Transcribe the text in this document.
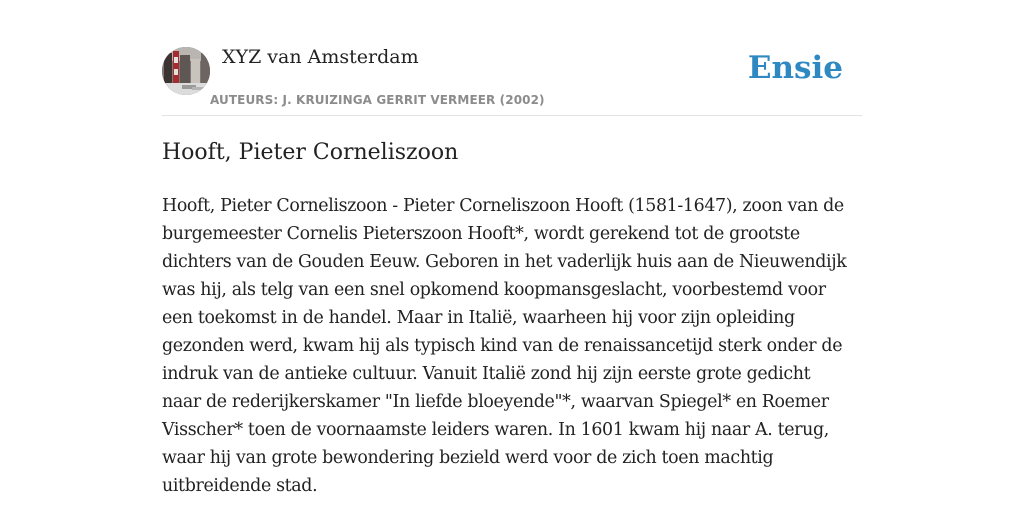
XYZ van Amsterdam
AUTEURS: J. KRUIZINGA GERRIT VERMEER (2002)
Ensie
Hooft, Pieter Corneliszoon
Hooft, Pieter Corneliszoon - Pieter Corneliszoon Hooft (1581-1647), zoon van de
burgemeester Cornelis Pieterszoon Hooft*, wordt gerekend tot de grootste
dichters van de Gouden Eeuw. Geboren in het vaderlijk huis aan de Nieuwendijk
was hij, als telg van een snel opkomend koopmansgeslacht, voorbestemd voor
een toekomst in de handel. Maar in Italië, waarheen hij voor zijn opleiding
gezonden werd, kwam hij als typisch kind van de renaissancetijd sterk onder de
indruk van de antieke cultuur. Vanuit Italië zond hij zijn eerste grote gedicht
naar de rederijkerskamer "In liefde bloeyende"*, waarvan Spiegel* en Roemer
Visscher* toen de voornaamste leiders waren. In 1601 kwam hij naar A. terug,
waar hij van grote bewondering bezield werd voor de zich toen machtig
uitbreidende stad.
